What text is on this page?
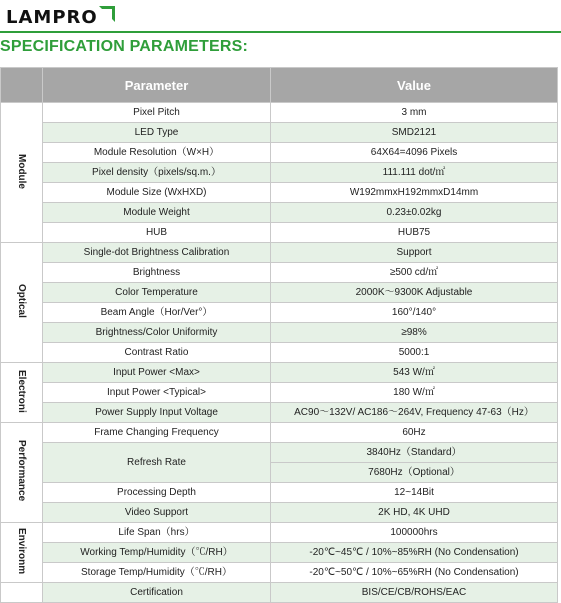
LAMPRO
SPECIFICATION PARAMETERS:
	Parameter	Value
Module	Pixel Pitch	3 mm
	LED Type	SMD2121
	Module Resolution（W×H）	64X64=4096 Pixels
	Pixel density（pixels/sq.m.）	111.111 dot/㎡
	Module Size (WxHXD)	W192mmxH192mmxD14mm
	Module Weight	0.23±0.02kg
	HUB	HUB75
Optical	Single-dot Brightness Calibration	Support
	Brightness	≥500 cd/㎡
	Color Temperature	2000K～9300K Adjustable
	Beam Angle（Hor/Ver°）	160°/140°
	Brightness/Color Uniformity	≥98%
	Contrast Ratio	5000:1
Electroni	Input Power <Max>	543 W/㎡
	Input Power <Typical>	180 W/㎡
	Power Supply Input Voltage	AC90～132V/ AC186～264V, Frequency 47-63（Hz）
Performance	Frame Changing Frequency	60Hz
	Refresh Rate	3840Hz（Standard）
		7680Hz（Optional）
	Processing Depth	12~14Bit
	Video Support	2K HD, 4K UHD
Environm	Life Span（hrs）	100000hrs
	Working Temp/Humidity（℃/RH）	-20℃~45℃ / 10%~85%RH (No Condensation)
	Storage Temp/Humidity（℃/RH）	-20℃~50℃ / 10%~65%RH (No Condensation)
	Certification	BIS/CE/CB/ROHS/EAC
